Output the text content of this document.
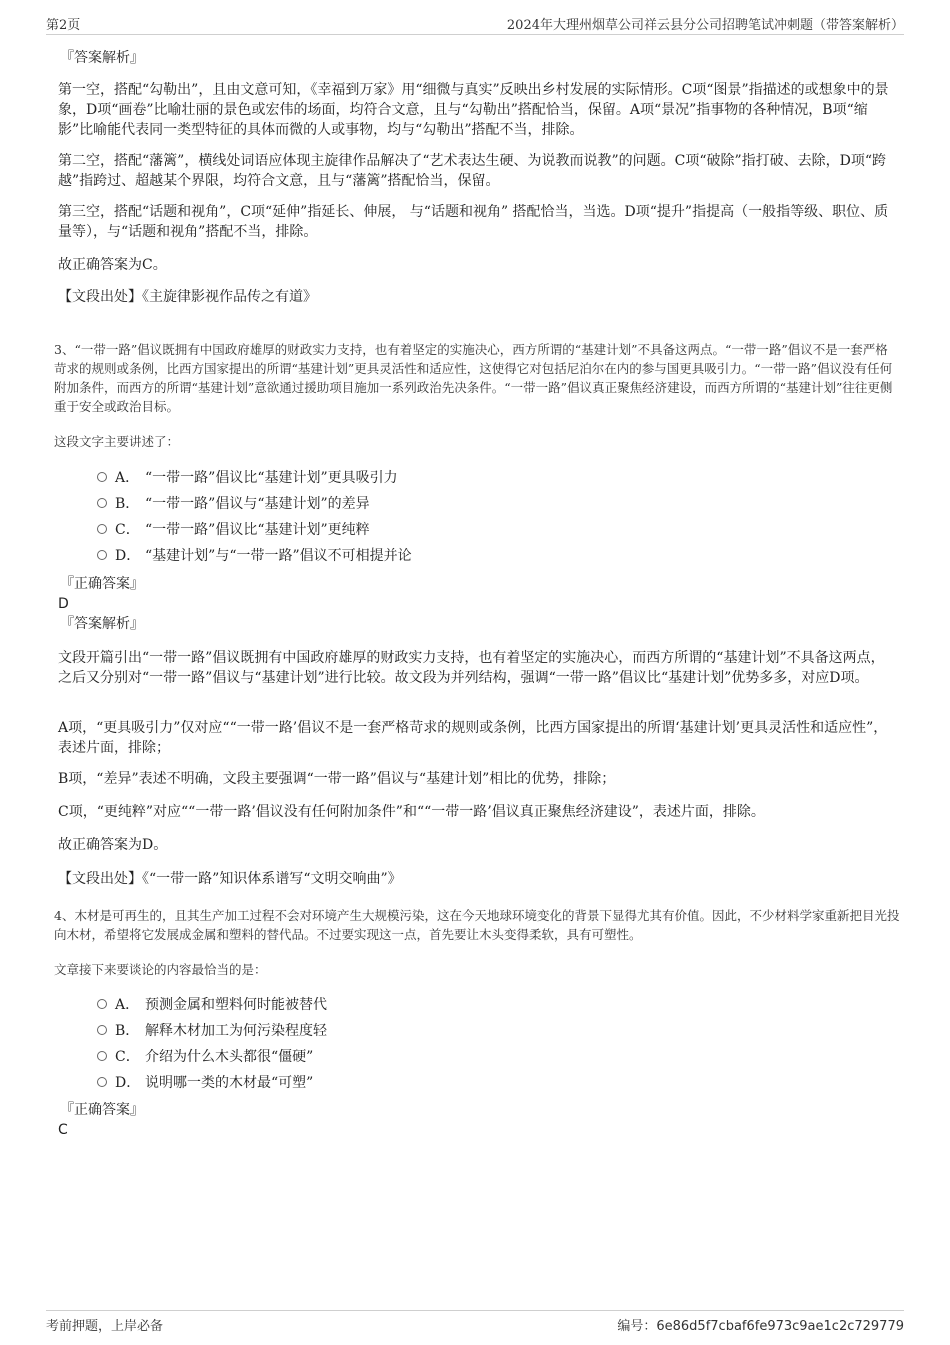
第2页	2024年大理州烟草公司祥云县分公司招聘笔试冲刺题（带答案解析）
『答案解析』
第一空，搭配“勾勒出”，且由文意可知，《幸福到万家》用“细微与真实”反映出乡村发展的实际情形。C项“图景”指描述的或想象中的景象，D项“画卷”比喻壮丽的景色或宏伟的场面，均符合文意，且与“勾勒出”搭配恰当，保留。A项“景况”指事物的各种情况，B项“缩影”比喻能代表同一类型特征的具体而微的人或事物，均与“勾勒出”搭配不当，排除。
第二空，搭配“藩篱”，横线处词语应体现主旋律作品解决了“艺术表达生硬、为说教而说教”的问题。C项“破除”指打破、去除，D项“跨越”指跨过、超越某个界限，均符合文意，且与“藩篱”搭配恰当，保留。
第三空，搭配“话题和视角”，C项“延伸”指延长、伸展， 与“话题和视角” 搭配恰当，当选。D项“提升”指提高（一般指等级、职位、质量等），与“话题和视角”搭配不当，排除。
故正确答案为C。
【文段出处】《主旋律影视作品传之有道》
3、“一带一路”倡议既拥有中国政府雄厚的财政实力支持，也有着坚定的实施决心，西方所谓的“基建计划”不具备这两点。“一带一路”倡议不是一套严格苛求的规则或条例，比西方国家提出的所谓“基建计划”更具灵活性和适应性，这使得它对包括尼泊尔在内的参与国更具吸引力。“一带一路”倡议没有任何附加条件，而西方的所谓“基建计划”意欲通过援助项目施加一系列政治先决条件。“一带一路”倡议真正聚焦经济建设，而西方所谓的“基建计划”往往更侧重于安全或政治目标。
这段文字主要讲述了：
A． “一带一路”倡议比“基建计划”更具吸引力
B． “一带一路”倡议与“基建计划”的差异
C． “一带一路”倡议比“基建计划”更纯粹
D． “基建计划”与“一带一路”倡议不可相提并论
『正确答案』
D
『答案解析』
文段开篇引出“一带一路”倡议既拥有中国政府雄厚的财政实力支持，也有着坚定的实施决心，而西方所谓的“基建计划”不具备这两点，之后又分别对“一带一路”倡议与“基建计划”进行比较。故文段为并列结构，强调“一带一路”倡议比“基建计划”优势多多，对应D项。
A项，“更具吸引力”仅对应““一带一路’倡议不是一套严格苛求的规则或条例，比西方国家提出的所谓‘基建计划’更具灵活性和适应性”，表述片面，排除；
B项，“差异”表述不明确，文段主要强调“一带一路”倡议与“基建计划”相比的优势，排除；
C项，“更纯粹”对应““一带一路’倡议没有任何附加条件”和““一带一路’倡议真正聚焦经济建设”，表述片面，排除。
故正确答案为D。
【文段出处】《“一带一路”知识体系谱写“文明交响曲”》
4、木材是可再生的，且其生产加工过程不会对环境产生大规模污染，这在今天地球环境变化的背景下显得尤其有价值。因此，不少材料学家重新把目光投向木材，希望将它发展成金属和塑料的替代品。不过要实现这一点，首先要让木头变得柔软，具有可塑性。
文章接下来要谈论的内容最恰当的是：
A． 预测金属和塑料何时能被替代
B． 解释木材加工为何污染程度轻
C． 介绍为什么木头都很“僵硬”
D． 说明哪一类的木材最“可塑”
『正确答案』
C
考前押题，上岸必备	编号：6e86d5f7cbaf6fe973c9ae1c2c729779
